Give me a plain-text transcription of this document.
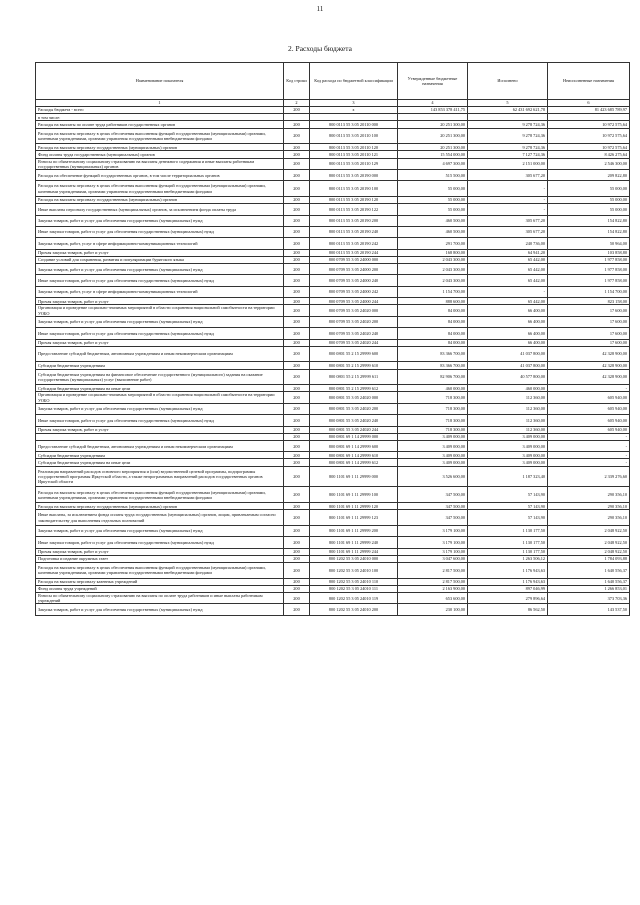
11
2. Расходы бюджета
Наименование показателя	Код строки	Код расхода по бюджетной классификации	Утвержденные бюджетные назначения	Исполнено	Неисполненные назначения
1	2	3	4	5	6
Расходы бюджета - всего	200	x	143 853 378 411,75	62 431 692 621,78	81 423 685 789,97
в том числе:					
Расходы на выплаты по оплате труда работников государственных органов	200	800 0113 55 3 05 20110 000	20 251 300,00	9 278 724,36	10 972 575,64
Расходы на выплаты персоналу в целях обеспечения выполнения функций государственными (муниципальными) органами, казенными учреждениями, органами управления государственными внебюджетными фондами	200	800 0113 55 3 05 20110 100	20 251 300,00	9 278 724,36	10 972 575,64
Расходы на выплаты персоналу государственных (муниципальных) органов	200	800 0113 55 3 05 20110 120	20 251 300,00	9 278 724,36	10 972 575,64
Фонд оплаты труда государственных (муниципальных) органов	200	800 0113 55 3 05 20110 121	15 554 000,00	7 127 724,36	8 426 275,64
Взносы по обязательному социальному страхованию на выплаты денежного содержания и иные выплаты работникам государственных (муниципальных) органов	200	800 0113 55 3 05 20110 129	4 697 300,00	2 151 000,00	2 546 300,00
Расходы на обеспечение функций государственных органов, в том числе территориальных органов	200	800 0113 55 3 05 20190 000	515 500,00	305 677,20	209 822,80
Расходы на выплаты персоналу в целях обеспечения выполнения функций государственными (муниципальными) органами, казенными учреждениями, органами управления государственными внебюджетными фондами	200	800 0113 55 3 05 20190 100	55 000,00	-	55 000,00
Расходы на выплаты персоналу государственных (муниципальных) органов	200	800 0113 55 3 05 20190 120	55 000,00	-	55 000,00
Иные выплаты персоналу государственных (муниципальных) органов, за исключением фонда оплаты труда	200	800 0113 55 3 05 20190 122	55 000,00	-	55 000,00
Закупка товаров, работ и услуг для обеспечения государственных (муниципальных) нужд	200	800 0113 55 3 05 20190 200	460 500,00	305 677,20	154 822,80
Иные закупки товаров, работ и услуг для обеспечения государственных (муниципальных) нужд	200	800 0113 55 3 05 20190 240	460 500,00	305 677,20	154 822,80
Закупка товаров, работ, услуг в сфере информационно-коммуникационных технологий	200	800 0113 55 3 05 20190 242	291 700,00	240 736,00	50 964,00
Прочая закупка товаров, работ и услуг	200	800 0113 55 3 05 20190 244	168 800,00	64 941,20	103 858,80
Создание условий для сохранения, развития и популяризации бурятского языка	200	800 0709 55 3 05 24000 000	2 043 300,00	65 442,00	1 977 858,00
Закупка товаров, работ и услуг для обеспечения государственных (муниципальных) нужд	200	800 0709 55 3 05 24000 200	2 043 300,00	65 442,00	1 977 858,00
Иные закупки товаров, работ и услуг для обеспечения государственных (муниципальных) нужд	200	800 0709 55 3 05 24000 240	2 043 300,00	65 442,00	1 977 858,00
Закупка товаров, работ, услуг в сфере информационно-коммуникационных технологий	200	800 0709 55 3 05 24000 242	1 154 700,00	-	1 154 700,00
Прочая закупка товаров, работ и услуг	200	800 0709 55 3 05 24000 244	888 600,00	65 442,00	823 158,00
Организация и проведение социально-значимых мероприятий в области сохранения национальной самобытности на территории УОБО	200	800 0709 55 3 05 24020 000	84 000,00	66 400,00	17 600,00
Закупка товаров, работ и услуг для обеспечения государственных (муниципальных) нужд	200	800 0709 55 3 05 24020 200	84 000,00	66 400,00	17 600,00
Иные закупки товаров, работ и услуг для обеспечения государственных (муниципальных) нужд	200	800 0709 55 3 05 24020 240	84 000,00	66 400,00	17 600,00
Прочая закупка товаров, работ и услуг	200	800 0709 55 3 05 24020 244	84 000,00	66 400,00	17 600,00
Предоставление субсидий бюджетным, автономным учреждениям и иным некоммерческим организациям	200	800 0801 55 2 15 29999 600	83 366 700,00	41 037 800,00	42 328 900,00
Субсидии бюджетным учреждениям	200	800 0801 55 2 15 29999 610	83 366 700,00	41 037 800,00	42 328 900,00
Субсидии бюджетным учреждениям на финансовое обеспечение государственного (муниципального) задания на оказание государственных (муниципальных) услуг (выполнение работ)	200	800 0801 55 2 15 29999 611	82 906 700,00	40 577 800,00	42 328 900,00
Субсидии бюджетным учреждениям на иные цели	200	800 0801 55 2 15 29999 612	460 000,00	460 000,00	-
Организация и проведение социально-значимых мероприятий в области сохранения национальной самобытности на территории УОБО	200	800 0801 55 3 05 24020 000	718 300,00	112 360,00	605 940,00
Закупка товаров, работ и услуг для обеспечения государственных (муниципальных) нужд	200	800 0801 55 3 05 24020 200	718 300,00	112 360,00	605 940,00
Иные закупки товаров, работ и услуг для обеспечения государственных (муниципальных) нужд	200	800 0801 55 3 05 24020 240	718 300,00	112 360,00	605 940,00
Прочая закупка товаров, работ и услуг	200	800 0801 55 3 05 24020 244	718 300,00	112 360,00	605 940,00
	200	800 0801 69 1 14 29999 000	3 409 000,00	3 409 000,00	-
Предоставление субсидий бюджетным, автономным учреждениям и иным некоммерческим организациям	200	800 0801 69 1 14 29999 600	3 409 000,00	3 409 000,00	-
Субсидии бюджетным учреждениям	200	800 0801 69 1 14 29999 610	3 409 000,00	3 409 000,00	-
Субсидии бюджетным учреждениям на иные цели	200	800 0801 69 1 14 29999 612	3 409 000,00	3 409 000,00	-
Реализация направлений расходов основного мероприятия и (или) ведомственной целевой программы, подпрограммы государственной программы Иркутской области, а также непрограммных направлений расходов государственных органов Иркутской области	200	800 1101 69 1 11 29999 000	3 526 600,00	1 187 323,40	2 339 276,60
Расходы на выплаты персоналу в целях обеспечения выполнения функций государственными (муниципальными) органами, казенными учреждениями, органами управления государственными внебюджетными фондами	200	800 1101 69 1 11 29999 100	347 500,00	57 143,90	290 356,10
Расходы на выплаты персоналу государственных (муниципальных) органов	200	800 1101 69 1 11 29999 120	347 500,00	57 143,90	290 356,10
Иные выплаты, за исключением фонда оплаты труда государственных (муниципальных) органов, лицам, привлекаемым согласно законодательству для выполнения отдельных полномочий	200	800 1101 69 1 11 29999 123	347 500,00	57 143,90	290 356,10
Закупка товаров, работ и услуг для обеспечения государственных (муниципальных) нужд	200	800 1101 69 1 11 29999 200	3 179 100,00	1 130 177,50	2 048 922,50
Иные закупки товаров, работ и услуг для обеспечения государственных (муниципальных) нужд	200	800 1101 69 1 11 29999 240	3 179 100,00	1 130 177,50	2 048 922,50
Прочая закупка товаров, работ и услуг	200	800 1101 69 1 11 29999 244	3 179 100,00	1 130 177,50	2 048 922,50
Подготовка и издание окружных газет	200	800 1202 55 3 05 24010 000	3 047 600,00	1 263 506,12	1 784 093,88
Расходы на выплаты персоналу в целях обеспечения выполнения функций государственными (муниципальными) органами, казенными учреждениями, органами управления государственными внебюджетными фондами	200	800 1202 55 3 05 24010 100	2 817 500,00	1 176 943,63	1 640 556,37
Расходы на выплаты персоналу казенных учреждений	200	800 1202 55 3 05 24010 110	2 817 500,00	1 176 943,63	1 640 556,37
Фонд оплаты труда учреждений	200	800 1202 55 3 05 24010 111	2 163 900,00	897 046,99	1 266 853,01
Взносы по обязательному социальному страхованию на выплаты по оплате труда работников и иные выплаты работникам учреждений	200	800 1202 55 3 05 24010 119	653 600,00	279 896,64	373 703,36
Закупка товаров, работ и услуг для обеспечения государственных (муниципальных) нужд	200	800 1202 55 3 05 24010 200	230 100,00	86 562,50	143 537,50
